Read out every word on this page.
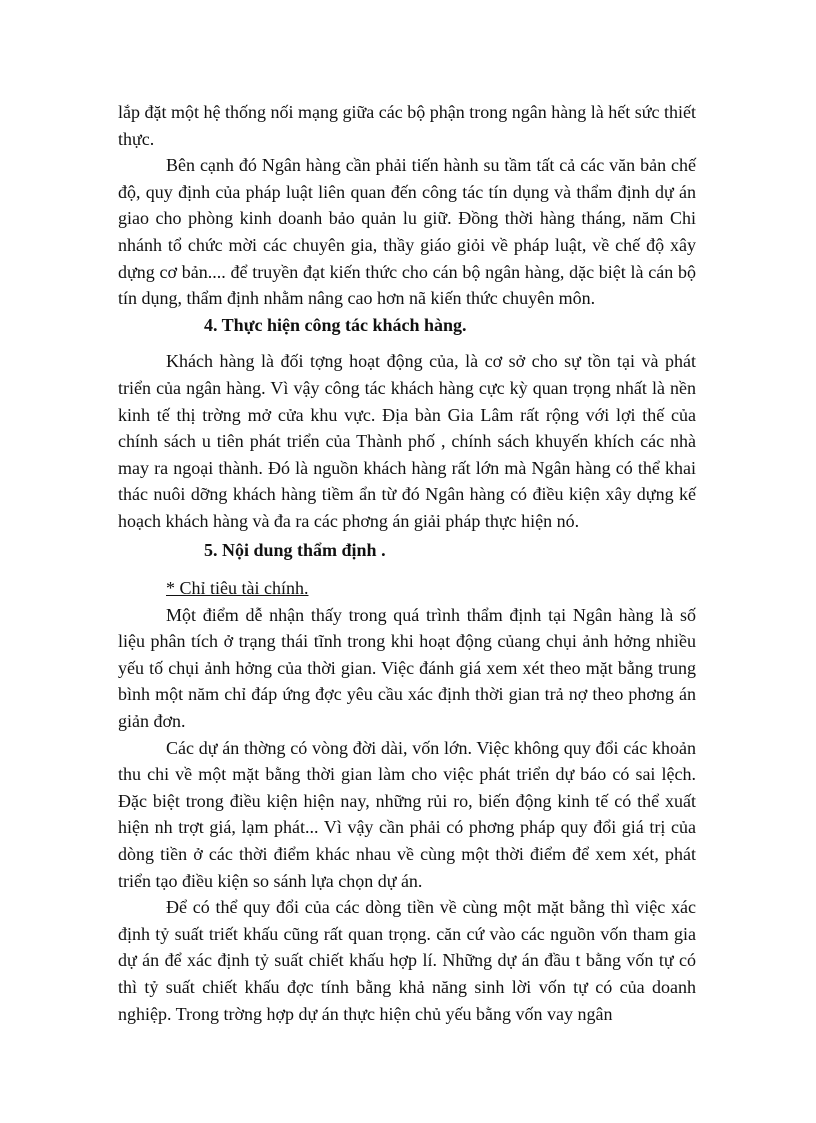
lắp đặt một hệ thống nối mạng giữa các bộ phận trong ngân hàng là hết sức thiết thực.

Bên cạnh đó Ngân hàng cần phải tiến hành su tầm tất cả các văn bản chế độ, quy định của pháp luật liên quan đến công tác tín dụng và thẩm định dự án giao cho phòng kinh doanh bảo quản lu giữ. Đồng thời hàng tháng, năm Chi nhánh tổ chức mời các chuyên gia, thầy giáo giỏi về pháp luật, về chế độ xây dựng cơ bản.... để truyền đạt kiến thức cho cán bộ ngân hàng, dặc biệt là cán bộ tín dụng, thẩm định nhằm nâng cao hơn nã kiến thức chuyên môn.

4. Thực hiện công tác khách hàng.

Khách hàng là đối tợng hoạt động của, là cơ sở cho sự tồn tại và phát triển của ngân hàng. Vì vậy công tác khách hàng cực kỳ quan trọng nhất là nền kinh tế thị trờng mở cửa khu vực. Địa bàn Gia Lâm rất rộng với lợi thế của chính sách u tiên phát triển của Thành phố , chính sách khuyến khích các nhà may ra ngoại thành. Đó là nguồn khách hàng rất lớn mà Ngân hàng có thể khai thác nuôi dỡng khách hàng tiềm ẩn từ đó Ngân hàng có điều kiện xây dựng kế hoạch khách hàng và đa ra các phơng án giải pháp thực hiện nó.

5. Nội dung thẩm định .

* Chỉ tiêu tài chính.

Một điểm dễ nhận thấy trong quá trình thẩm định tại Ngân hàng là số liệu phân tích ở trạng thái tĩnh trong khi hoạt động củang chụi ảnh hởng nhiều yếu tố chụi ảnh hởng của thời gian. Việc đánh giá xem xét theo mặt bằng trung bình một năm chỉ đáp ứng đợc yêu cầu xác định thời gian trả nợ theo phơng án giản đơn.

Các dự án thờng có vòng đời dài, vốn lớn. Việc không quy đổi các khoản thu chi về một mặt bằng thời gian làm cho việc phát triển dự báo có sai lệch. Đặc biệt trong điều kiện hiện nay, những rủi ro, biến động kinh tế có thể xuất hiện nh trợt giá, lạm phát... Vì vậy cần phải có phơng pháp quy đổi giá trị của dòng tiền ở các thời điểm khác nhau về cùng một thời điểm để xem xét, phát triển tạo điều kiện so sánh lựa chọn dự án.

Để có thể quy đổi của các dòng tiền về cùng một mặt bằng thì việc xác định tỷ suất triết khấu cũng rất quan trọng. căn cứ vào các nguồn vốn tham gia dự án để xác định tỷ suất chiết khấu hợp lí. Những dự án đầu t bằng vốn tự có thì tỷ suất chiết khấu đợc tính bằng khả năng sinh lời vốn tự có của doanh nghiệp. Trong trờng hợp dự án thực hiện chủ yếu bằng vốn vay ngân
